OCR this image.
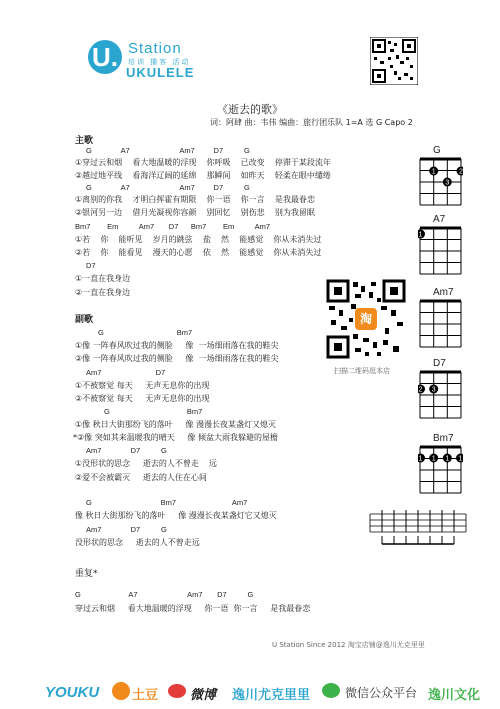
U. Station
培训 播客 活动
UKULELE
《逝去的歌》
词：阿肆 曲：韦伟 编曲：旅行团乐队 1=A 选 G Capo 2
主歌
G              A7                        Am7         D7          G
①穿过云和烟    看大地温暖的浮现    你呼吸    已改变    停滞于某段流年
②越过地平线    看海洋辽阔的延绵    那瞬间    如昨天    轻柔在眼中缱绻
G              A7                        Am7         D7          G
①离别的你我    才明白挥霍有期限    你一语    你一言    是我最眷恋
②银河另一边    借月光凝视你容颜    别回忆    别伤悲    别为我留眠
Bm7        Em          Am7       D7      Bm7        Em          Am7
①若    你    能听见    岁月的跳弦    盐    然    能感觉    你从未消失过
②若    你    能看见    漫天的心愿    依    然    能感觉    你从未消失过
D7
①一直在我身边
②一直在我身边
副歌
G                                   Bm7
①像 一阵春风吹过我的侧脸     像  一场细雨落在我的鞋尖
②像 一阵春风吹过我的侧脸     像  一场细雨落在我的鞋尖
Am7                          D7
①不被察觉 每天     无声无息你的出现
②不被察觉 每天     无声无息你的出现
G                                     Bm7
①像 秋日大街那纷飞的落叶     像 漫漫长夜某盏灯又熄灭
*②像 突如其来温暖我的晴天     像 倾盆大雨我躲避的屋檐
Am7              D7          G
①没形状的思念     逝去的人不曾走    远
②爱不会被霸灭     逝去的人住在心间
G                                 Bm7                           Am7
像 秋日大街那纷飞的落叶     像 漫漫长夜某盏灯它又熄灭
Am7              D7          G
没形状的思念     逝去的人不曾走远
重复*
G                       A7                        Am7       D7          G
穿过云和烟     看大地温暖的浮现     你一语  你一言     是我最眷恋
淘
扫描二维码逛本店
G
1	2
3
A7
1
Am7
D7
2 3
Bm7
1 1 1 1
U Station Since 2012 淘宝店铺@逸川尤克里里
YOUKU	土豆 微博 逸川尤克里里	微信公众平台 逸川文化
